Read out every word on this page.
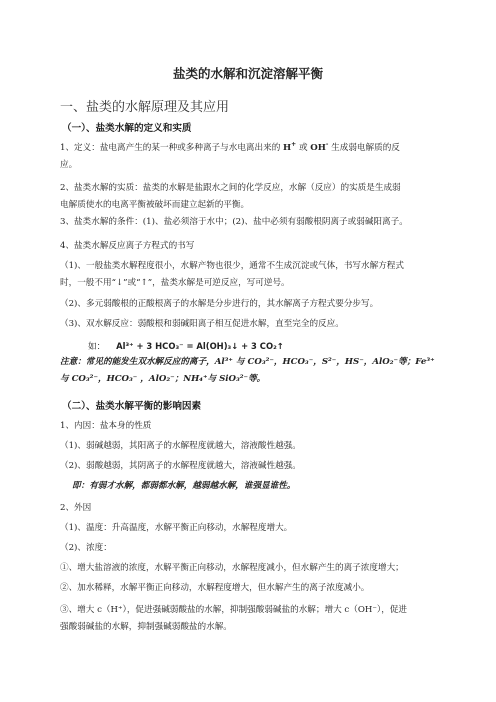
盐类的水解和沉淀溶解平衡
一、盐类的水解原理及其应用
（一）、盐类水解的定义和实质
1、定义：盐电离产生的某一种或多种离子与水电离出来的 H+ 或 OH- 生成弱电解质的反
应。
2、盐类水解的实质：盐类的水解是盐跟水之间的化学反应，水解（反应）的实质是生成弱
电解质使水的电离平衡被破坏而建立起新的平衡。
3、盐类水解的条件：(1)、盐必须溶于水中；(2)、盐中必须有弱酸根阴离子或弱碱阳离子。
4、盐类水解反应离子方程式的书写
（1)、一般盐类水解程度很小，水解产物也很少，通常不生成沉淀或气体，书写水解方程式
时，一般不用“↓”或“↑”，盐类水解是可逆反应，写可逆号。
（2)、多元弱酸根的正酸根离子的水解是分步进行的，其水解离子方程式要分步写。
（3)、双水解反应：弱酸根和弱碱阳离子相互促进水解，直至完全的反应。
如： Al³⁺ + 3 HCO₃⁻ = Al(OH)₃↓ + 3 CO₂↑
注意：常见的能发生双水解反应的离子，Al³⁺ 与 CO₃²⁻，HCO₃⁻，S²⁻，HS⁻，AlO₂⁻等；Fe³⁺
与 CO₃²⁻，HCO₃⁻ ，AlO₂⁻；NH₄⁺与 SiO₃²⁻等。
（二）、盐类水解平衡的影响因素
1、内因：盐本身的性质
（1)、弱碱越弱，其阳离子的水解程度就越大，溶液酸性越强。
（2)、弱酸越弱，其阴离子的水解程度就越大，溶液碱性越强。
即：有弱才水解，都弱都水解，越弱越水解，谁强显谁性。
2、外因
（1)、温度：升高温度，水解平衡正向移动，水解程度增大。
（2)、浓度：
①、增大盐溶液的浓度，水解平衡正向移动，水解程度减小，但水解产生的离子浓度增大；
②、加水稀释，水解平衡正向移动，水解程度增大，但水解产生的离子浓度减小。
③、增大 c（H⁺），促进强碱弱酸盐的水解，抑制强酸弱碱盐的水解；增大 c（OH⁻），促进
强酸弱碱盐的水解，抑制强碱弱酸盐的水解。
